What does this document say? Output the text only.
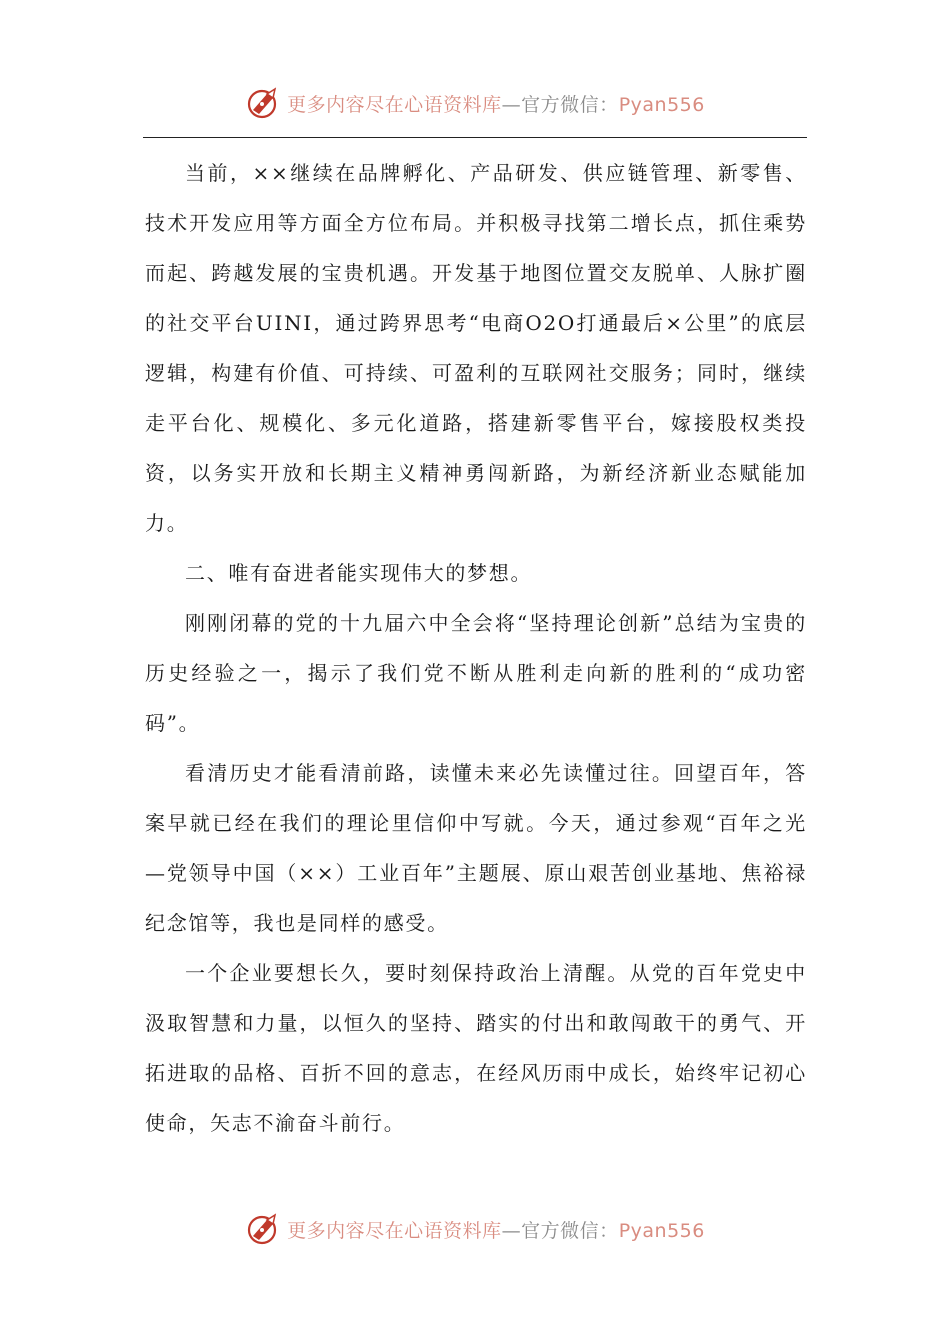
更多内容尽在心语资料库—官方微信：Pyan556

当前，××继续在品牌孵化、产品研发、供应链管理、新零售、技术开发应用等方面全方位布局。并积极寻找第二增长点，抓住乘势而起、跨越发展的宝贵机遇。开发基于地图位置交友脱单、人脉扩圈的社交平台UINI，通过跨界思考“电商O2O打通最后×公里”的底层逻辑，构建有价值、可持续、可盈利的互联网社交服务；同时，继续走平台化、规模化、多元化道路，搭建新零售平台，嫁接股权类投资，以务实开放和长期主义精神勇闯新路，为新经济新业态赋能加力。

二、唯有奋进者能实现伟大的梦想。

刚刚闭幕的党的十九届六中全会将“坚持理论创新”总结为宝贵的历史经验之一，揭示了我们党不断从胜利走向新的胜利的“成功密码”。

看清历史才能看清前路，读懂未来必先读懂过往。回望百年，答案早就已经在我们的理论里信仰中写就。今天，通过参观“百年之光—党领导中国（××）工业百年”主题展、原山艰苦创业基地、焦裕禄纪念馆等，我也是同样的感受。

一个企业要想长久，要时刻保持政治上清醒。从党的百年党史中汲取智慧和力量，以恒久的坚持、踏实的付出和敢闯敢干的勇气、开拓进取的品格、百折不回的意志，在经风历雨中成长，始终牢记初心使命，矢志不渝奋斗前行。

更多内容尽在心语资料库—官方微信：Pyan556
